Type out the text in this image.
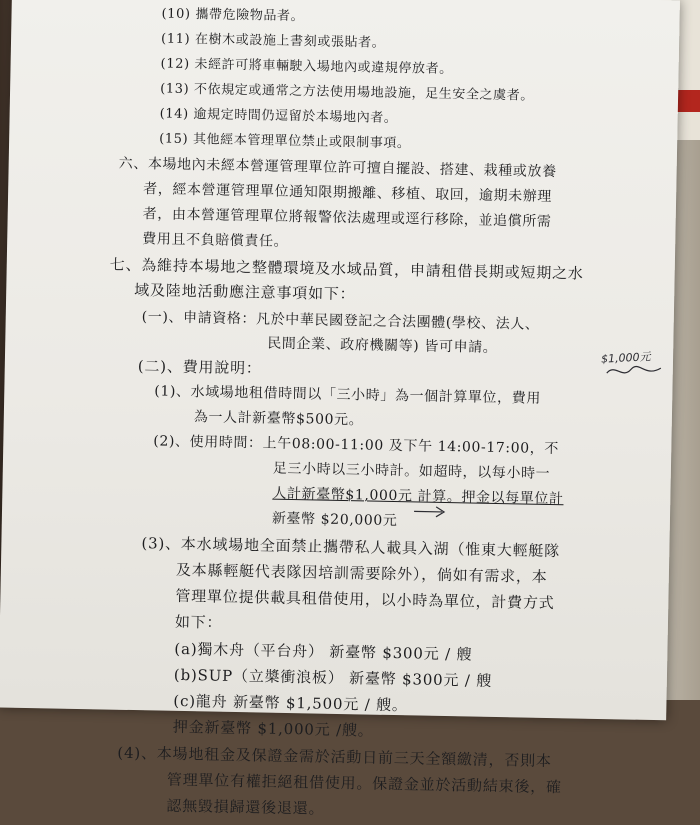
(10) 攜帶危險物品者。

(11) 在樹木或設施上書刻或張貼者。

(12) 未經許可將車輛駛入場地內或違規停放者。

(13) 不依規定或通常之方法使用場地設施，足生安全之虞者。

(14) 逾規定時間仍逗留於本場地內者。

(15) 其他經本管理單位禁止或限制事項。

六、本場地內未經本營運管理單位許可擅自擺設、搭建、栽種或放養

者，經本營運管理單位通知限期搬離、移植、取回，逾期未辦理

者，由本營運管理單位將報警依法處理或逕行移除，並追償所需

費用且不負賠償責任。

七、為維持本場地之整體環境及水域品質，申請租借長期或短期之水

域及陸地活動應注意事項如下：

(一)、申請資格：凡於中華民國登記之合法團體(學校、法人、

民間企業、政府機關等) 皆可申請。

(二)、費用說明：

(1)、水域場地租借時間以「三小時」為一個計算單位，費用

為一人計新臺幣$500元。

(2)、使用時間：上午08:00-11:00 及下午 14:00-17:00，不

足三小時以三小時計。如超時，以每小時一

人計新臺幣$1,000元 計算。押金以每單位計

新臺幣 $20,000元

(3)、本水域場地全面禁止攜帶私人載具入湖（惟東大輕艇隊

及本縣輕艇代表隊因培訓需要除外），倘如有需求，本

管理單位提供載具租借使用，以小時為單位，計費方式

如下：

(a)獨木舟（平台舟） 新臺幣 $300元 / 艘

(b)SUP（立槳衝浪板） 新臺幣 $300元 / 艘

(c)龍舟 新臺幣 $1,500元 / 艘。

押金新臺幣 $1,000元 /艘。

(4)、本場地租金及保證金需於活動日前三天全額繳清，否則本

管理單位有權拒絕租借使用。保證金並於活動結束後，確

認無毀損歸還後退還。

$1,000元
